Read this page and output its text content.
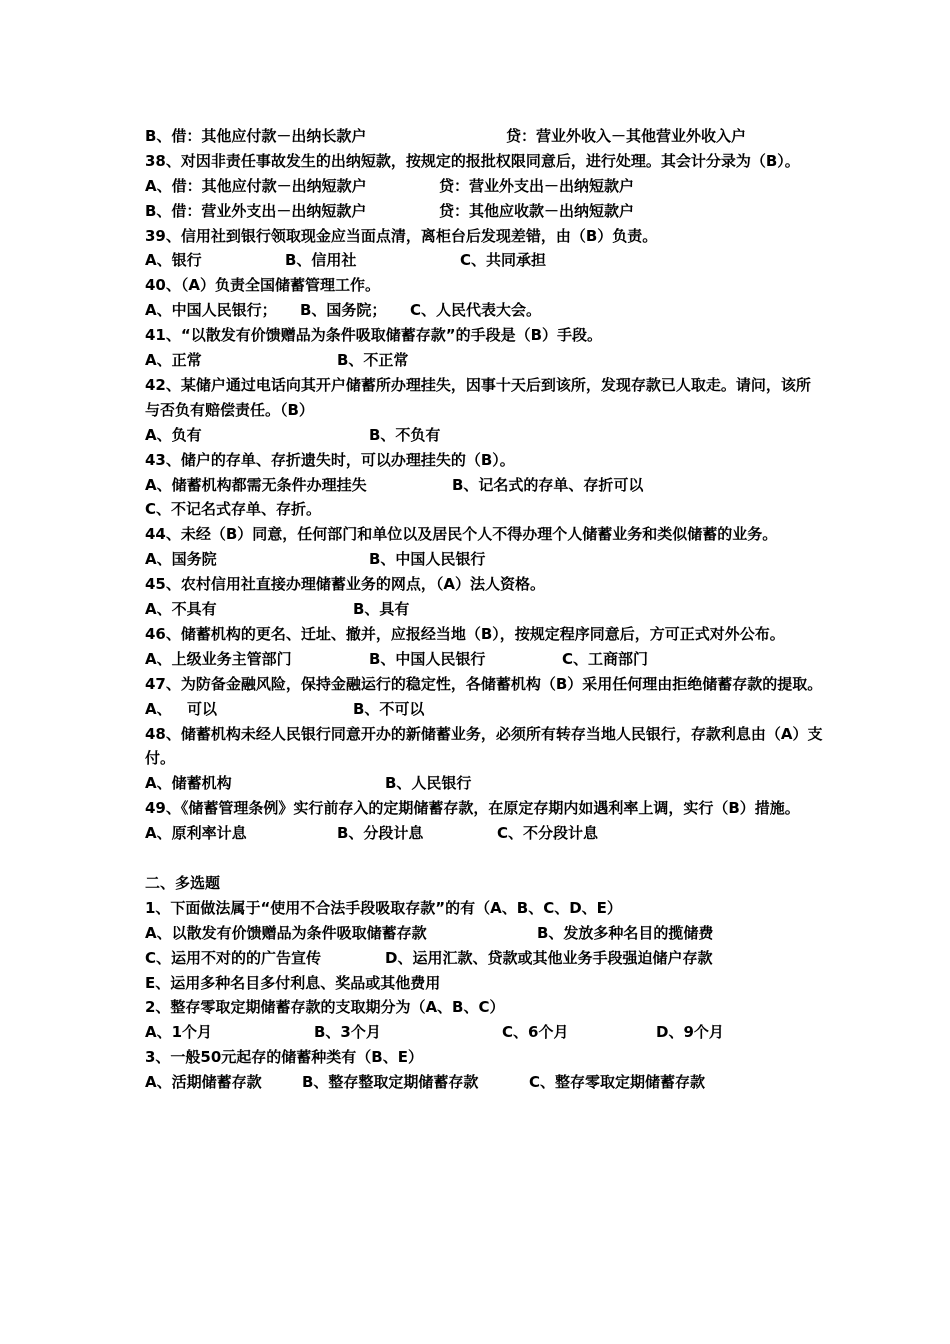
B、借：其他应付款－出纳长款户	贷：营业外收入－其他营业外收入户
38、对因非责任事故发生的出纳短款，按规定的报批权限同意后，进行处理。其会计分录为（B）。
A、借：其他应付款－出纳短款户	贷：营业外支出－出纳短款户
B、借：营业外支出－出纳短款户	贷：其他应收款－出纳短款户
39、信用社到银行领取现金应当面点清，离柜台后发现差错，由（B）负责。
A、银行	B、信用社	C、共同承担
40、（A）负责全国储蓄管理工作。
A、中国人民银行； B、国务院； C、人民代表大会。
41、“以散发有价馈赠品为条件吸取储蓄存款”的手段是（B）手段。
A、正常	B、不正常
42、某储户通过电话向其开户储蓄所办理挂失，因事十天后到该所，发现存款已人取走。请问，该所与否负有赔偿责任。（B）
A、负有	B、不负有
43、储户的存单、存折遗失时，可以办理挂失的（B）。
A、储蓄机构都需无条件办理挂失	B、记名式的存单、存折可以
C、不记名式存单、存折。
44、未经（B）同意，任何部门和单位以及居民个人不得办理个人储蓄业务和类似储蓄的业务。
A、国务院	B、中国人民银行
45、农村信用社直接办理储蓄业务的网点，（A）法人资格。
A、不具有	B、具有
46、储蓄机构的更名、迁址、撤并，应报经当地（B），按规定程序同意后，方可正式对外公布。
A、上级业务主管部门	B、中国人民银行	C、工商部门
47、为防备金融风险，保持金融运行的稳定性，各储蓄机构（B）采用任何理由拒绝储蓄存款的提取。
A、 可以	B、不可以
48、储蓄机构未经人民银行同意开办的新储蓄业务，必须所有转存当地人民银行，存款利息由（A）支付。
A、储蓄机构	B、人民银行
49、《储蓄管理条例》实行前存入的定期储蓄存款，在原定存期内如遇利率上调，实行（B）措施。
A、原利率计息	B、分段计息	C、不分段计息
二、多选题
1、下面做法属于“使用不合法手段吸取存款”的有（A、B、C、D、E）
A、以散发有价馈赠品为条件吸取储蓄存款	B、发放多种名目的揽储费
C、运用不对的的广告宣传	D、运用汇款、贷款或其他业务手段强迫储户存款
E、运用多种名目多付利息、奖品或其他费用
2、整存零取定期储蓄存款的支取期分为（A、B、C）
A、1个月	B、3个月	C、6个月	D、9个月
3、一般50元起存的储蓄种类有（B、E）
A、活期储蓄存款	B、整存整取定期储蓄存款	C、整存零取定期储蓄存款
